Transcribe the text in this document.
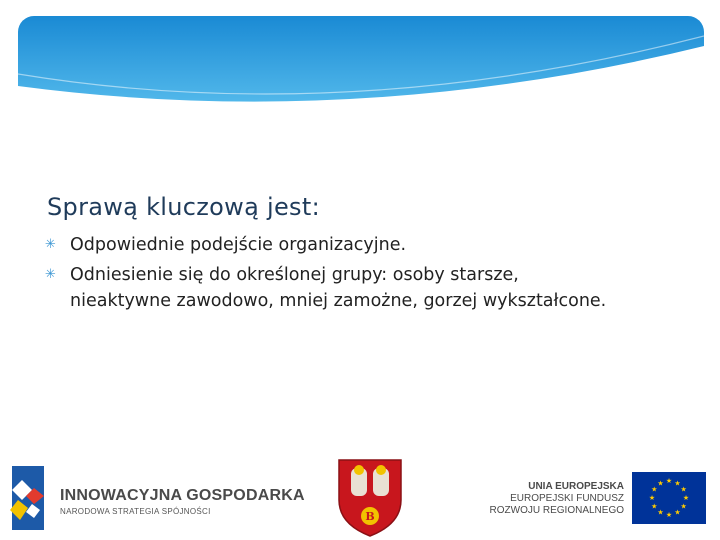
Sprawą kluczową jest:
✳ Odpowiednie podejście organizacyjne.
✳ Odniesienie się do określonej grupy: osoby starsze, nieaktywne zawodowo, mniej zamożne, gorzej wykształcone.
INNOWACYJNA GOSPODARKA
NARODOWA STRATEGIA SPÓJNOŚCI	B
UNIA EUROPEJSKA
EUROPEJSKI FUNDUSZ
ROZWOJU REGIONALNEGO
★ ★
★
★
★
★
★
★
★
★
★
★
